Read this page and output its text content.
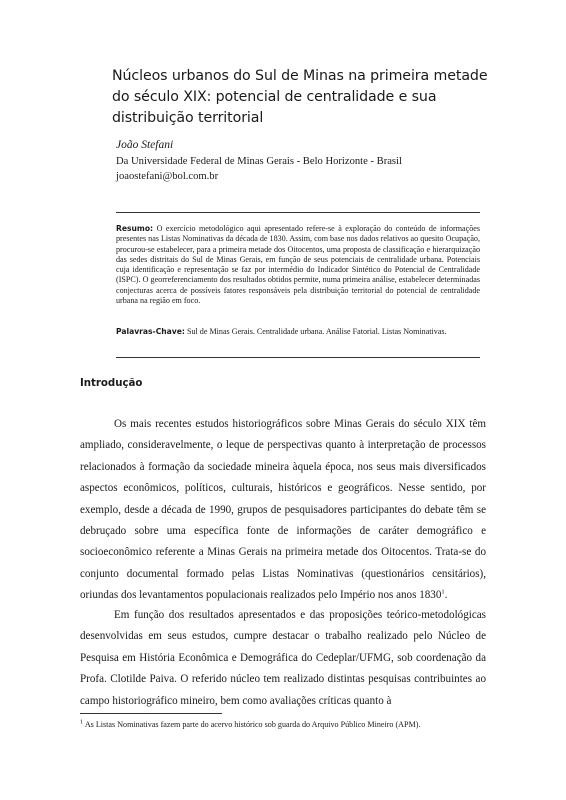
Núcleos urbanos do Sul de Minas na primeira metade do século XIX: potencial de centralidade e sua distribuição territorial
João Stefani
Da Universidade Federal de Minas Gerais - Belo Horizonte - Brasil
joaostefani@bol.com.br
Resumo: O exercício metodológico aqui apresentado refere-se à exploração do conteúdo de informações presentes nas Listas Nominativas da década de 1830. Assim, com base nos dados relativos ao quesito Ocupação, procurou-se estabelecer, para a primeira metade dos Oitocentos, uma proposta de classificação e hierarquização das sedes distritais do Sul de Minas Gerais, em função de seus potenciais de centralidade urbana. Potenciais cuja identificação e representação se faz por intermédio do Indicador Sintético do Potencial de Centralidade (ISPC). O georreferenciamento dos resultados obtidos permite, numa primeira análise, estabelecer determinadas conjecturas acerca de possíveis fatores responsáveis pela distribuição territorial do potencial de centralidade urbana na região em foco.
Palavras-Chave: Sul de Minas Gerais. Centralidade urbana. Análise Fatorial. Listas Nominativas.
Introdução

Os mais recentes estudos historiográficos sobre Minas Gerais do século XIX têm ampliado, consideravelmente, o leque de perspectivas quanto à interpretação de processos relacionados à formação da sociedade mineira àquela época, nos seus mais diversificados aspectos econômicos, políticos, culturais, históricos e geográficos. Nesse sentido, por exemplo, desde a década de 1990, grupos de pesquisadores participantes do debate têm se debruçado sobre uma específica fonte de informações de caráter demográfico e socioeconômico referente a Minas Gerais na primeira metade dos Oitocentos. Trata-se do conjunto documental formado pelas Listas Nominativas (questionários censitários), oriundas dos levantamentos populacionais realizados pelo Império nos anos 1830$^1$.

Em função dos resultados apresentados e das proposições teórico-metodológicas desenvolvidas em seus estudos, cumpre destacar o trabalho realizado pelo Núcleo de Pesquisa em História Econômica e Demográfica do Cedeplar/UFMG, sob coordenação da Profa. Clotilde Paiva. O referido núcleo tem realizado distintas pesquisas contribuintes ao campo historiográfico mineiro, bem como avaliações críticas quanto à

$^1$ As Listas Nominativas fazem parte do acervo histórico sob guarda do Arquivo Público Mineiro (APM).
